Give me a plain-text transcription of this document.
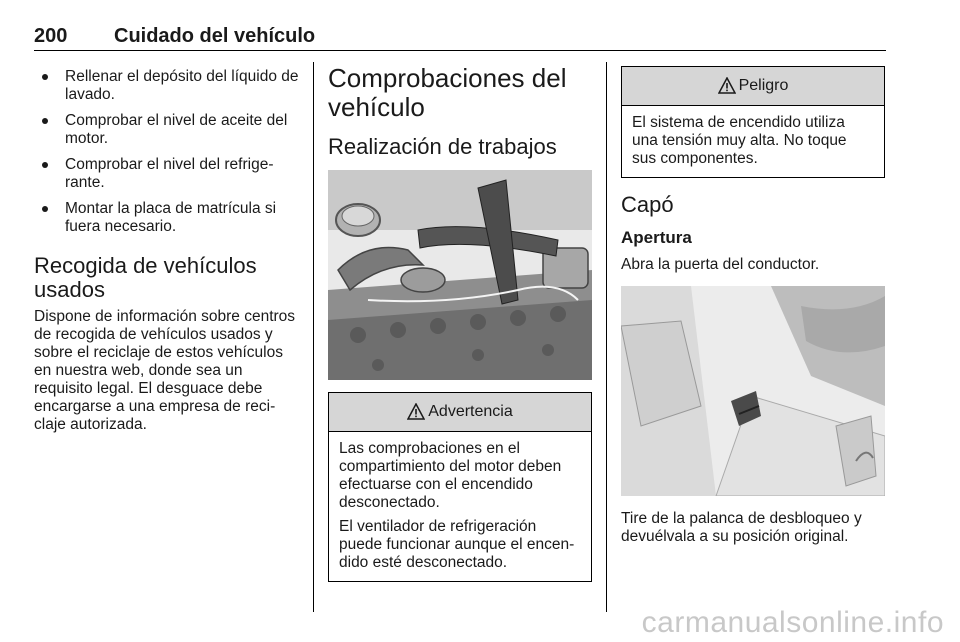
200 Cuidado del vehículo
Rellenar el depósito del líquido de lavado.
Comprobar el nivel de aceite del motor.
Comprobar el nivel del refrige-rante.
Montar la placa de matrícula si fuera necesario.
Recogida de vehículos usados

Dispone de información sobre centros de recogida de vehículos usados y sobre el reciclaje de estos vehículos en nuestra web, donde sea un requisito legal. El desguace debe encargarse a una empresa de reci-claje autorizada.

Comprobaciones del vehículo
Realización de trabajos
Advertencia

Las comprobaciones en el compartimiento del motor deben efectuarse con el encendido desconectado.

El ventilador de refrigeración puede funcionar aunque el encen-dido esté desconectado.

Peligro

El sistema de encendido utiliza una tensión muy alta. No toque sus componentes.

Capó
Apertura

Abra la puerta del conductor.

Tire de la palanca de desbloqueo y devuélvala a su posición original.

carmanualsonline.info
